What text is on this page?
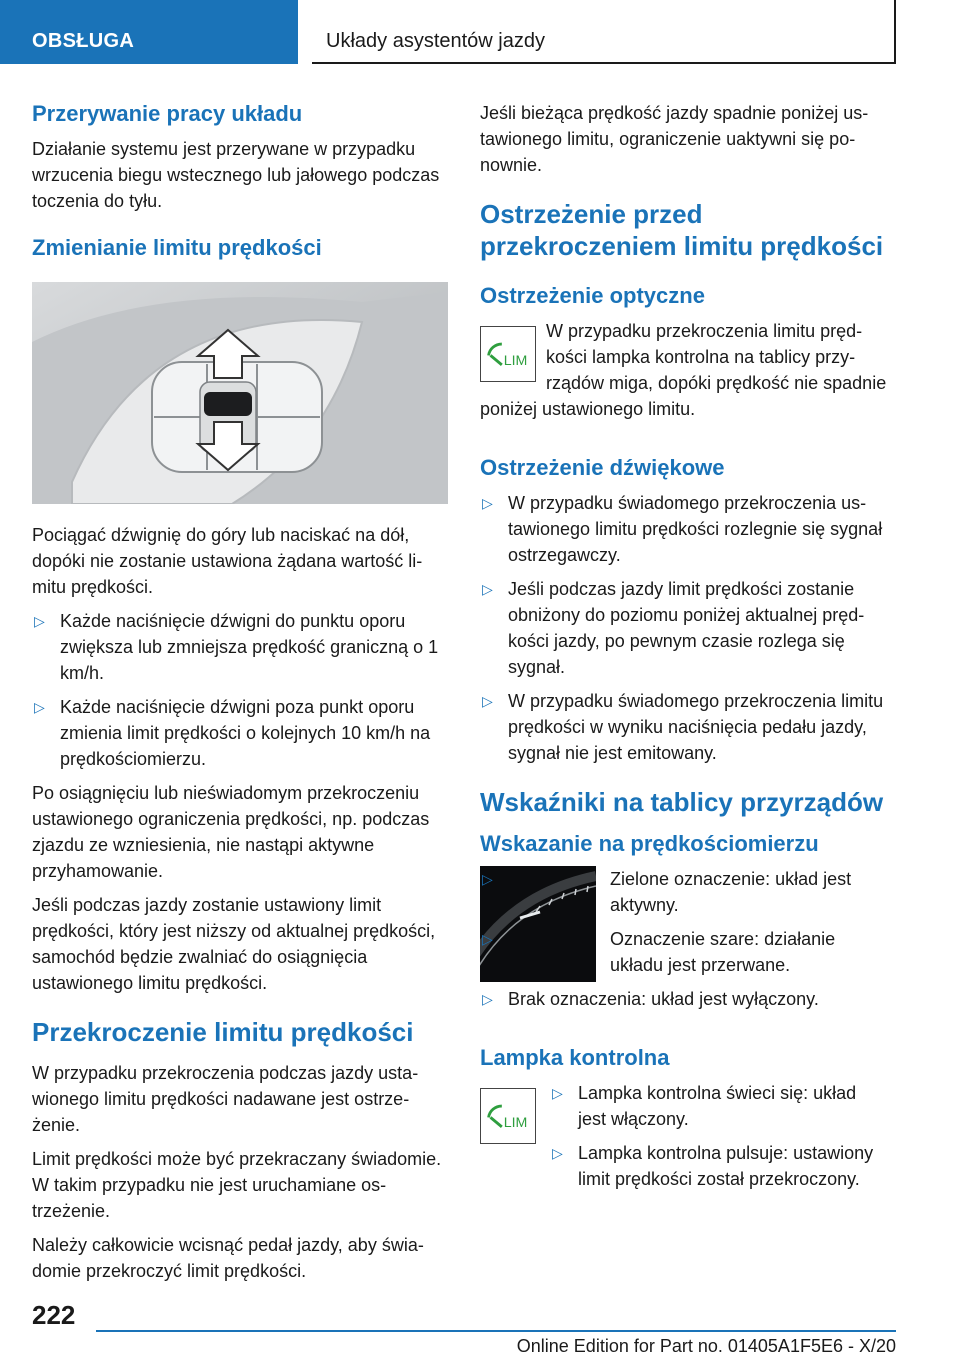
OBSŁUGA	Układy asystentów jazdy
Przerywanie pracy układu

Działanie systemu jest przerywane w przypadku wrzucenia biegu wstecznego lub jałowego podczas toczenia do tyłu.

Zmienianie limitu prędkości

Pociągać dźwignię do góry lub naciskać na dół, dopóki nie zostanie ustawiona żądana wartość limitu prędkości.

▷ Każde naciśnięcie dźwigni do punktu oporu zwiększa lub zmniejsza prędkość graniczną o 1 km/h.
▷ Każde naciśnięcie dźwigni poza punkt oporu zmienia limit prędkości o kolejnych 10 km/h na prędkościomierzu.

Po osiągnięciu lub nieświadomym przekroczeniu ustawionego ograniczenia prędkości, np. podczas zjazdu ze wzniesienia, nie nastąpi aktywne przyhamowanie.

Jeśli podczas jazdy zostanie ustawiony limit prędkości, który jest niższy od aktualnej prędkości, samochód będzie zwalniać do osiągnięcia ustawionego limitu prędkości.

Przekroczenie limitu prędkości

W przypadku przekroczenia podczas jazdy ustawionego limitu prędkości nadawane jest ostrzeżenie.

Limit prędkości może być przekraczany świadomie. W takim przypadku nie jest uruchamiane ostrzeżenie.

Należy całkowicie wcisnąć pedał jazdy, aby świadomie przekroczyć limit prędkości.

Jeśli bieżąca prędkość jazdy spadnie poniżej ustawionego limitu, ograniczenie uaktywni się ponownie.

Ostrzeżenie przed przekroczeniem limitu prędkości
Ostrzeżenie optyczne
LIM

W przypadku przekroczenia limitu prędkości lampka kontrolna na tablicy przyrządów miga, dopóki prędkość nie spadnie poniżej ustawionego limitu.

Ostrzeżenie dźwiękowe
▷ W przypadku świadomego przekroczenia ustawionego limitu prędkości rozlegnie się sygnał ostrzegawczy.
▷ Jeśli podczas jazdy limit prędkości zostanie obniżony do poziomu poniżej aktualnej prędkości jazdy, po pewnym czasie rozlega się sygnał.
▷ W przypadku świadomego przekroczenia limitu prędkości w wyniku naciśnięcia pedału jazdy, sygnał nie jest emitowany.
Wskaźniki na tablicy przyrządów
Wskazanie na prędkościomierzu
▷	Zielone oznaczenie: układ jest aktywny.
▷	Oznaczenie szare: działanie układu jest przerwane.
▷ Brak oznaczenia: układ jest wyłączony.
Lampka kontrolna
LIM
▷ Lampka kontrolna świeci się: układ jest włączony.
▷ Lampka kontrolna pulsuje: ustawiony limit prędkości został przekroczony.
222
Online Edition for Part no. 01405A1F5E6 - X/20
